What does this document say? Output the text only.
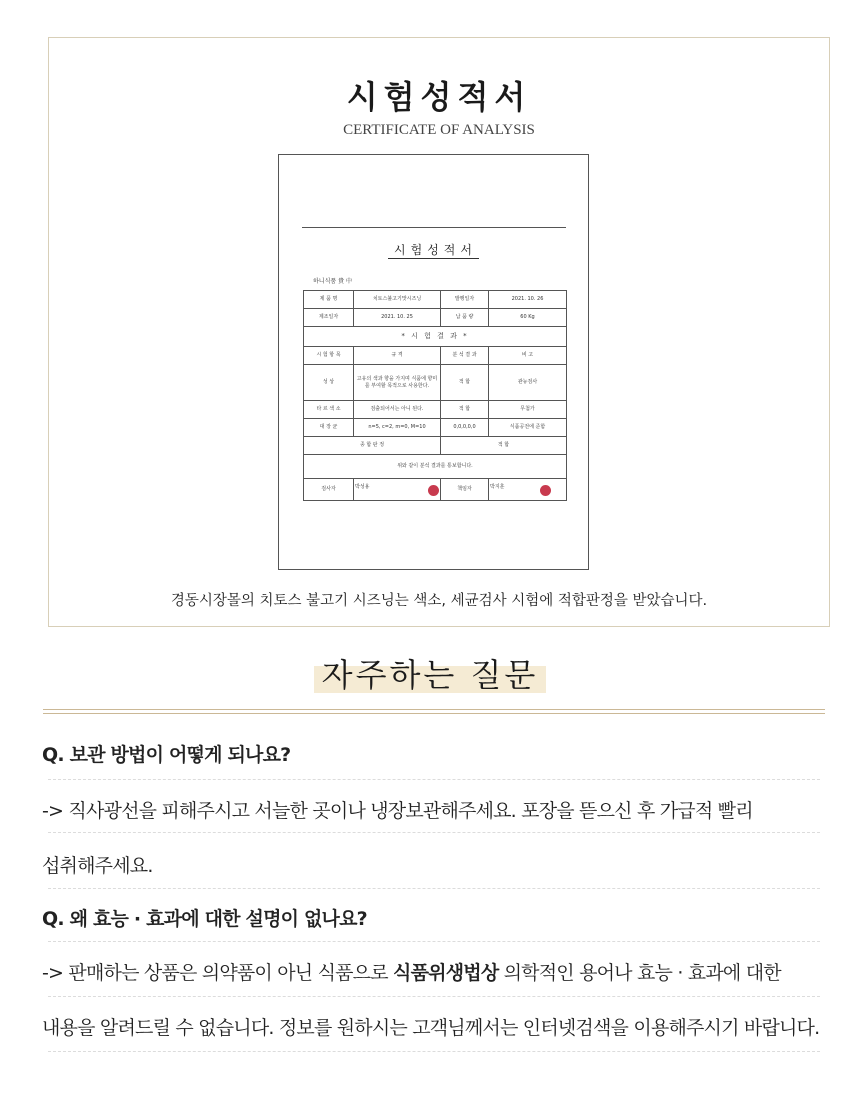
시험성적서
CERTIFICATE OF ANALYSIS
시험성적서
하니식품 貴 中
제 품 명	치토스불고기맛시즈닝	발행일자	2021. 10. 26
제조일자	2021. 10. 25	납 품 량	60 Kg
* 시 험 결 과 *			
시 험 항 목	규 격	분 석 결 과	비 고
성 상	고유의 색과 향을 가지며 식품에 향미를 부여할 목적으로 사용한다.	적 합	관능검사
타 르 색 소	검출되어서는 아니 된다.	적 합	무첨가
대 장 균	n=5, c=2, m=0, M=10	0,0,0,0,0	식품공전에 준함
종 합 판 정		적 합	
위와 같이 분석 결과를 통보합니다.			
검사자	박성용	책임자	박지훈
경동시장몰의 치토스 불고기 시즈닝는 색소, 세균검사 시험에 적합판정을 받았습니다.
자주하는 질문
Q. 보관 방법이 어떻게 되나요?
-> 직사광선을 피해주시고 서늘한 곳이나 냉장보관해주세요. 포장을 뜯으신 후 가급적 빨리
섭취해주세요.
Q. 왜 효능 · 효과에 대한 설명이 없나요?
-> 판매하는 상품은 의약품이 아닌 식품으로 식품위생법상 의학적인 용어나 효능 · 효과에 대한
내용을 알려드릴 수 없습니다. 정보를 원하시는 고객님께서는 인터넷검색을 이용해주시기 바랍니다.
